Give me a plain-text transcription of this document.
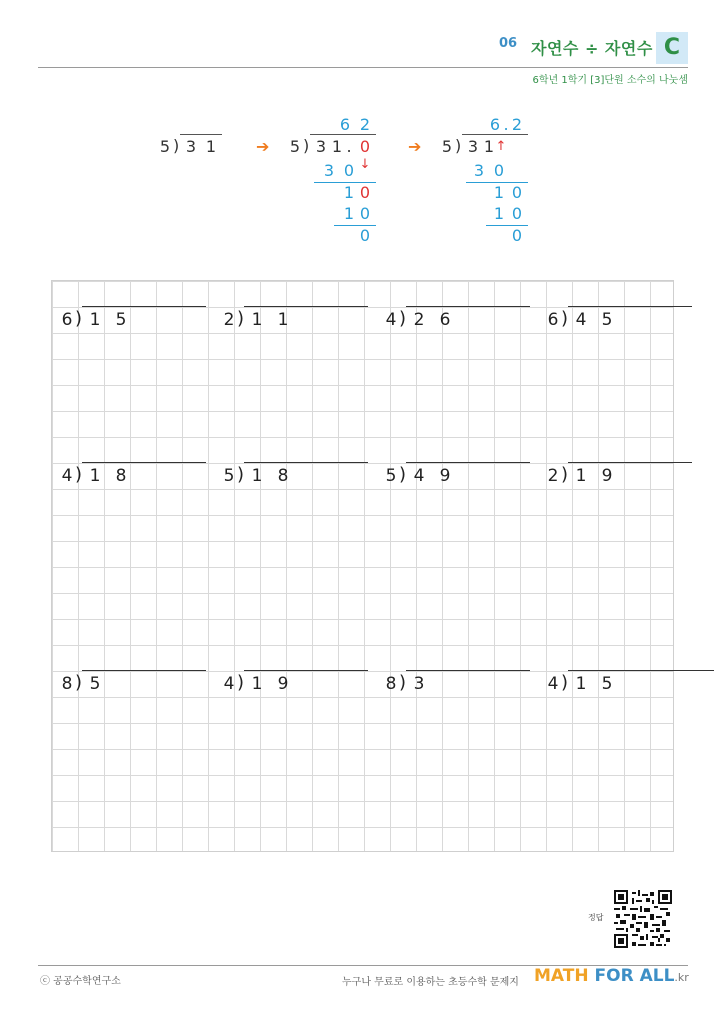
06 자연수 ÷ 자연수 C
6학년 1학기 [3]단원 소수의 나눗셈
5 ) 3 1 ➔
6 2
5 ) 3 1 . 0
↓
3 0
1 0
1 0
0
➔
6 . 2
5 ) 3 1 ↑
3 0
1 0
1 0
0
6 ) 1 5	2 ) 1 1	4 ) 2 6	6 ) 4 5
4 ) 1 8	5 ) 1 8	5 ) 4 9	2 ) 1 9
8 ) 5	4 ) 1 9	8 ) 3	4 ) 1 5
정답
ⓒ 공공수학연구소	누구나 무료로 이용하는 초등수학 문제지 MATH FOR ALL.kr
